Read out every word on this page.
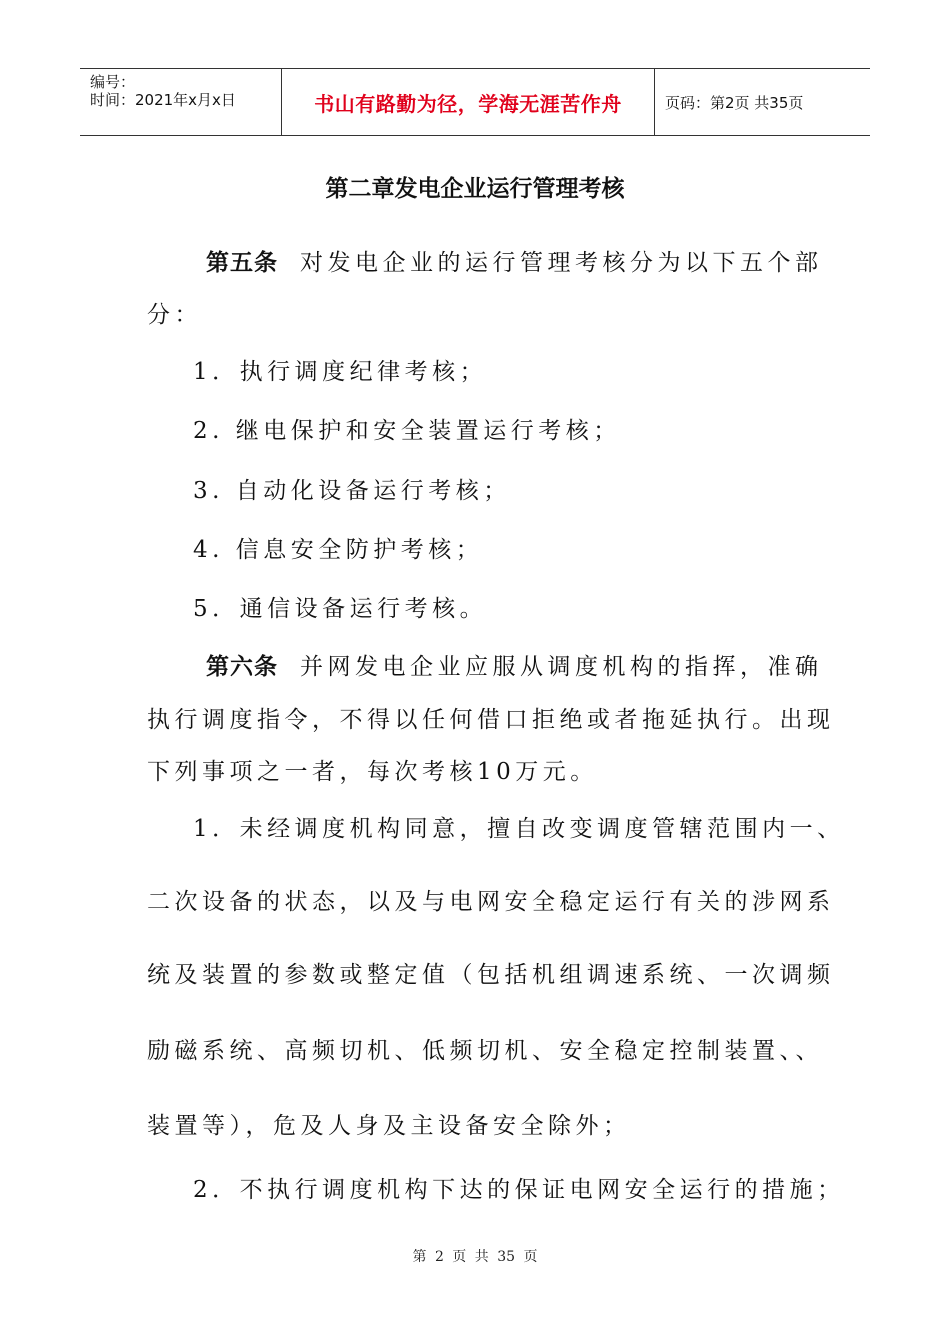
编号：
时间：2021年x月x日	书山有路勤为径，学海无涯苦作舟	页码：第2页 共35页
第二章发电企业运行管理考核
第五条 对发电企业的运行管理考核分为以下五个部
分：
1．执行调度纪律考核；
2. 继电保护和安全装置运行考核；
3. 自动化设备运行考核；
4. 信息安全防护考核；
5．通信设备运行考核。
第六条 并网发电企业应服从调度机构的指挥，准确
执行调度指令，不得以任何借口拒绝或者拖延执行。出现
下列事项之一者，每次考核10万元。
1．未经调度机构同意，擅自改变调度管辖范围内一、
二次设备的状态，以及与电网安全稳定运行有关的涉网系
统及装置的参数或整定值（包括机组调速系统、一次调频
励磁系统、高频切机、低频切机、安全稳定控制装置、、
装置等），危及人身及主设备安全除外；
2．不执行调度机构下达的保证电网安全运行的措施；
第 2 页 共 35 页
